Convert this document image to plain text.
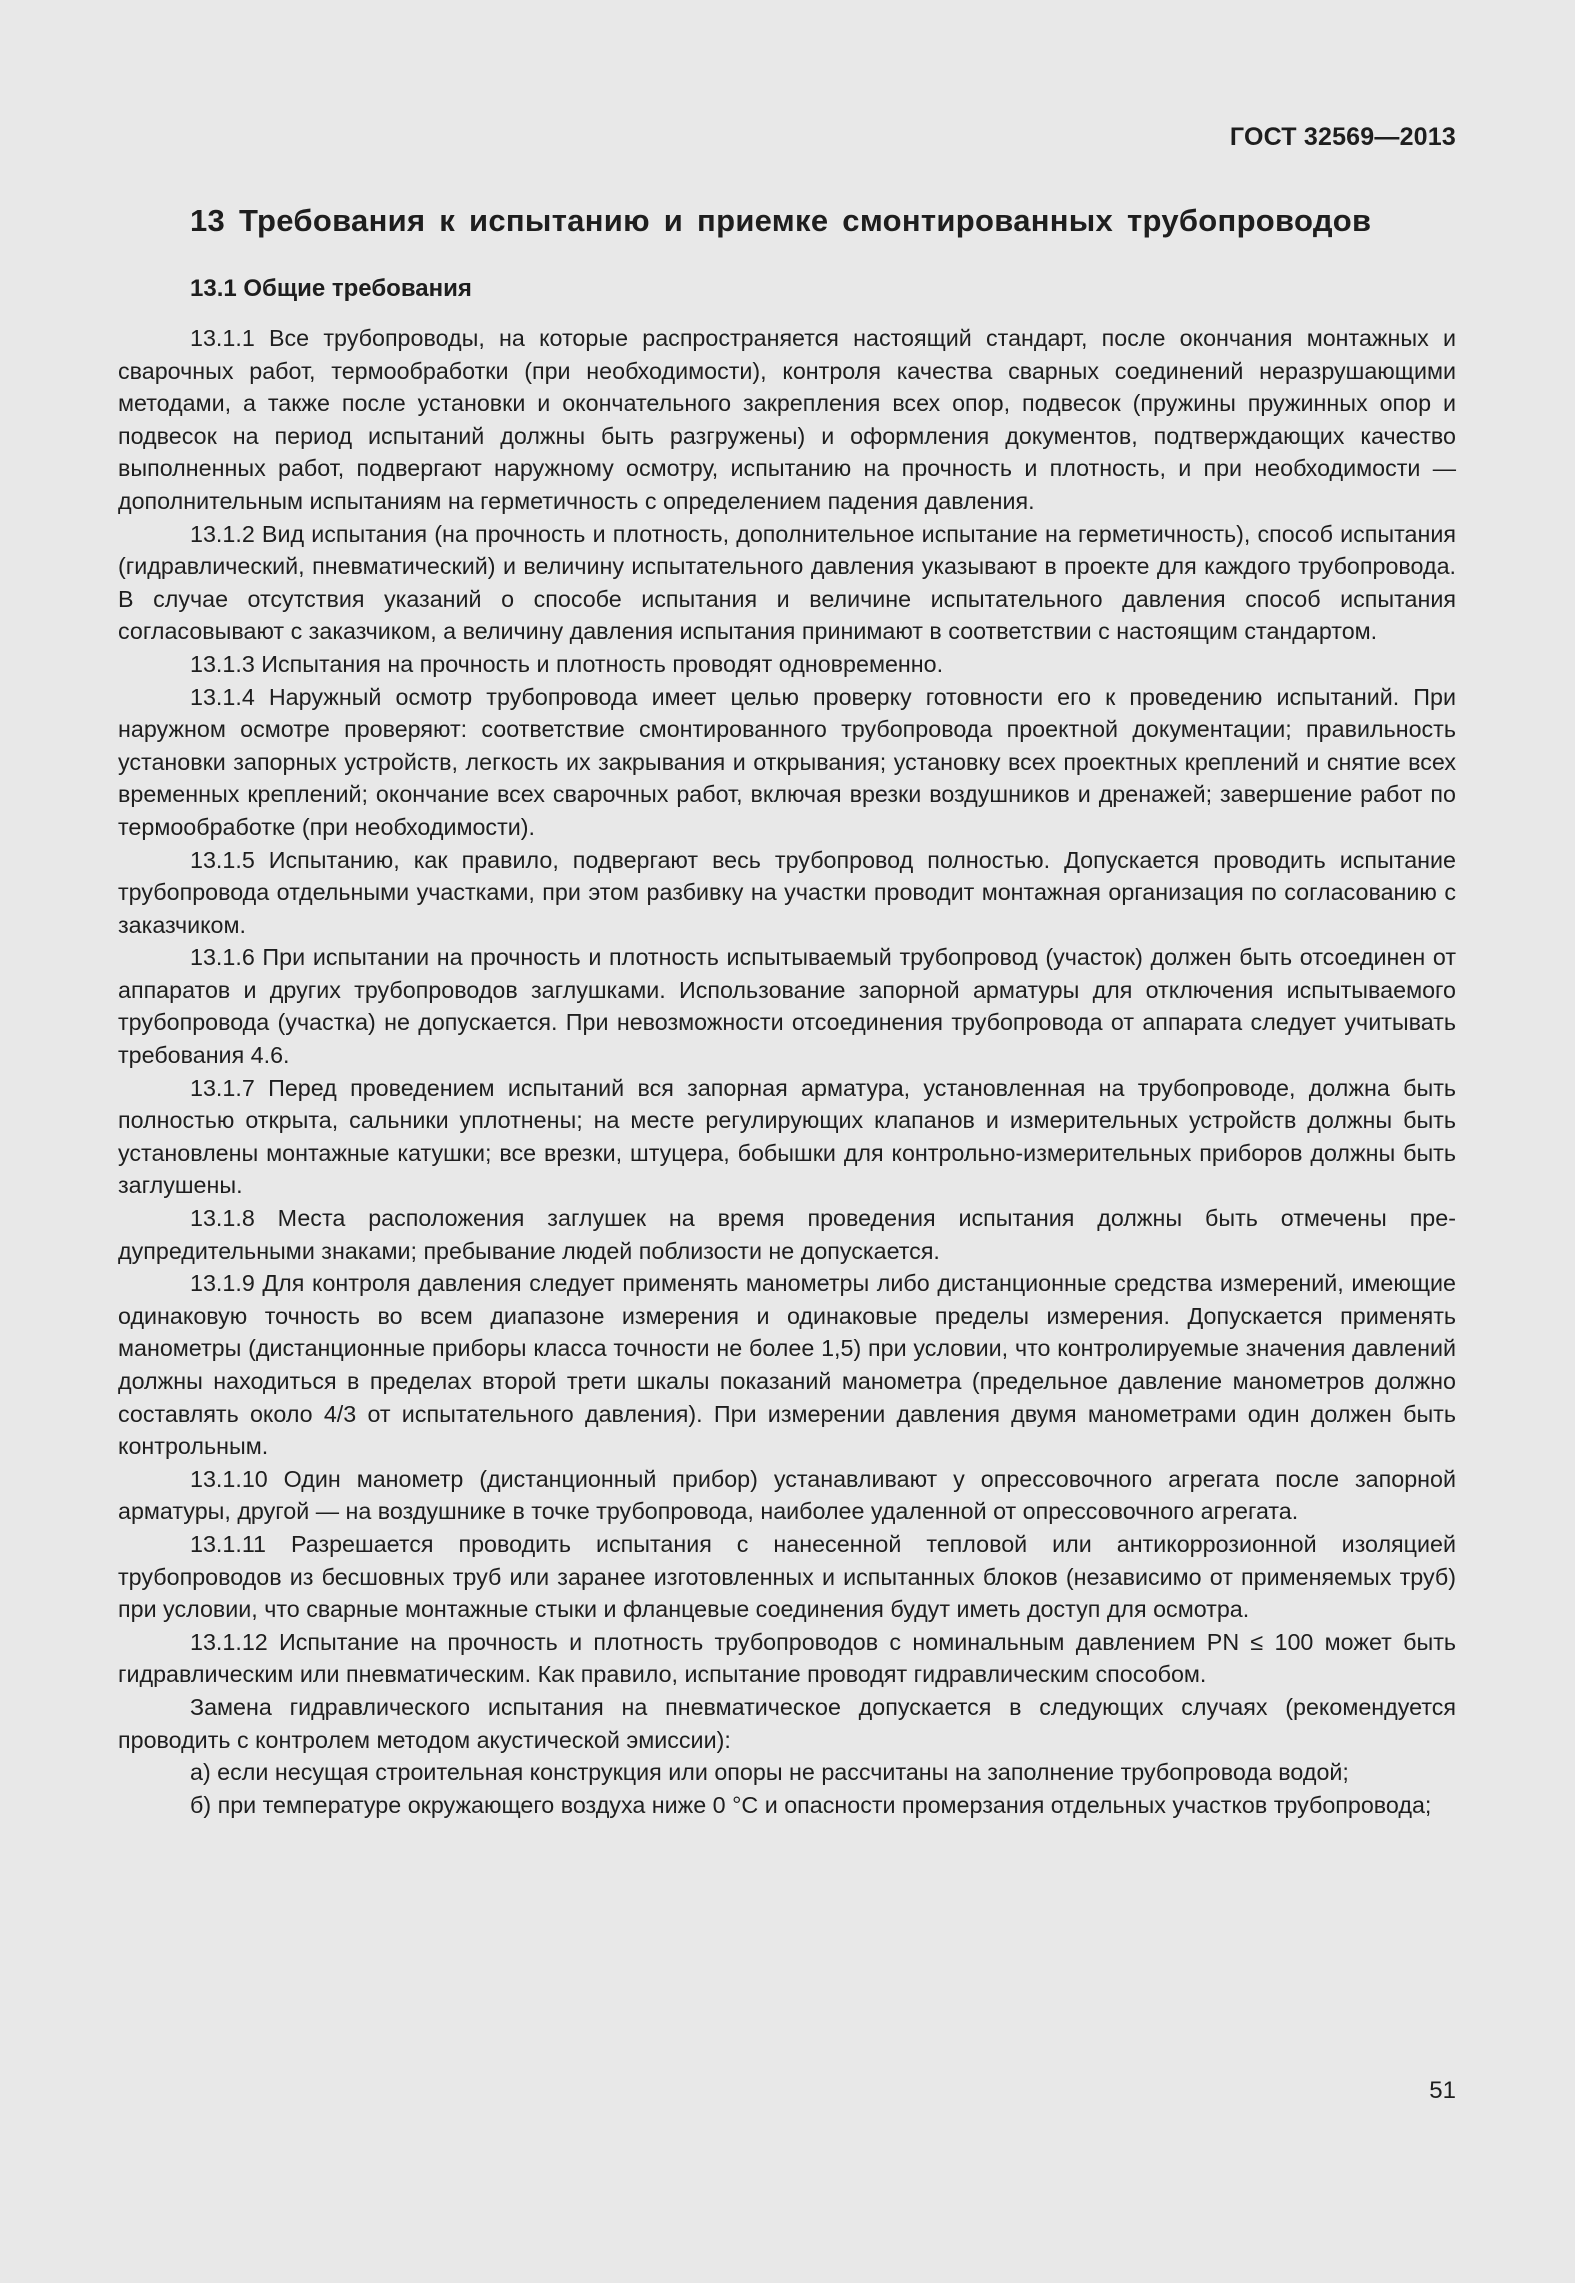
ГОСТ 32569—2013
13 Требования к испытанию и приемке смонтированных трубопроводов
13.1 Общие требования

13.1.1 Все трубопроводы, на которые распространяется настоящий стандарт, после окончания монтажных и сварочных работ, термообработки (при необходимости), контроля качества сварных соединений неразрушающими методами, а также после установки и окончательного закрепления всех опор, подвесок (пружины пружинных опор и подвесок на период испытаний должны быть разгружены) и оформления документов, подтверждающих качество выполненных работ, подвергают наружному осмотру, испытанию на прочность и плотность, и при необходимости — дополнительным испытаниям на герметичность с определением падения давления.

13.1.2 Вид испытания (на прочность и плотность, дополнительное испытание на герметичность), способ испытания (гидравлический, пневматический) и величину испытательного давления указывают в проекте для каждого трубопровода. В случае отсутствия указаний о способе испытания и величине испытательного давления способ испытания согласовывают с заказчиком, а величину давления испытания принимают в соответствии с настоящим стандартом.

13.1.3 Испытания на прочность и плотность проводят одновременно.

13.1.4 Наружный осмотр трубопровода имеет целью проверку готовности его к проведению испытаний. При наружном осмотре проверяют: соответствие смонтированного трубопровода проектной документации; правильность установки запорных устройств, легкость их закрывания и открывания; установку всех проектных креплений и снятие всех временных креплений; окончание всех сварочных работ, включая врезки воздушников и дренажей; завершение работ по термообработке (при необходимости).

13.1.5 Испытанию, как правило, подвергают весь трубопровод полностью. Допускается проводить испытание трубопровода отдельными участками, при этом разбивку на участки проводит монтажная организация по согласованию с заказчиком.

13.1.6 При испытании на прочность и плотность испытываемый трубопровод (участок) должен быть отсоединен от аппаратов и других трубопроводов заглушками. Использование запорной арматуры для отключения испытываемого трубопровода (участка) не допускается. При невозможности отсоединения трубопровода от аппарата следует учитывать требования 4.6.

13.1.7 Перед проведением испытаний вся запорная арматура, установленная на трубопроводе, должна быть полностью открыта, сальники уплотнены; на месте регулирующих клапанов и измерительных устройств должны быть установлены монтажные катушки; все врезки, штуцера, бобышки для контрольно-измерительных приборов должны быть заглушены.

13.1.8 Места расположения заглушек на время проведения испытания должны быть отмечены предупредительными знаками; пребывание людей поблизости не допускается.

13.1.9 Для контроля давления следует применять манометры либо дистанционные средства измерений, имеющие одинаковую точность во всем диапазоне измерения и одинаковые пределы измерения. Допускается применять манометры (дистанционные приборы класса точности не более 1,5) при условии, что контролируемые значения давлений должны находиться в пределах второй трети шкалы показаний манометра (предельное давление манометров должно составлять около 4/3 от испытательного давления). При измерении давления двумя манометрами один должен быть контрольным.

13.1.10 Один манометр (дистанционный прибор) устанавливают у опрессовочного агрегата после запорной арматуры, другой — на воздушнике в точке трубопровода, наиболее удаленной от опрессовочного агрегата.

13.1.11 Разрешается проводить испытания с нанесенной тепловой или антикоррозионной изоляцией трубопроводов из бесшовных труб или заранее изготовленных и испытанных блоков (независимо от применяемых труб) при условии, что сварные монтажные стыки и фланцевые соединения будут иметь доступ для осмотра.

13.1.12 Испытание на прочность и плотность трубопроводов с номинальным давлением PN ≤ 100 может быть гидравлическим или пневматическим. Как правило, испытание проводят гидравлическим способом.

Замена гидравлического испытания на пневматическое допускается в следующих случаях (рекомендуется проводить с контролем методом акустической эмиссии):

а) если несущая строительная конструкция или опоры не рассчитаны на заполнение трубопровода водой;

б) при температуре окружающего воздуха ниже 0 °С и опасности промерзания отдельных участков трубопровода;

51
